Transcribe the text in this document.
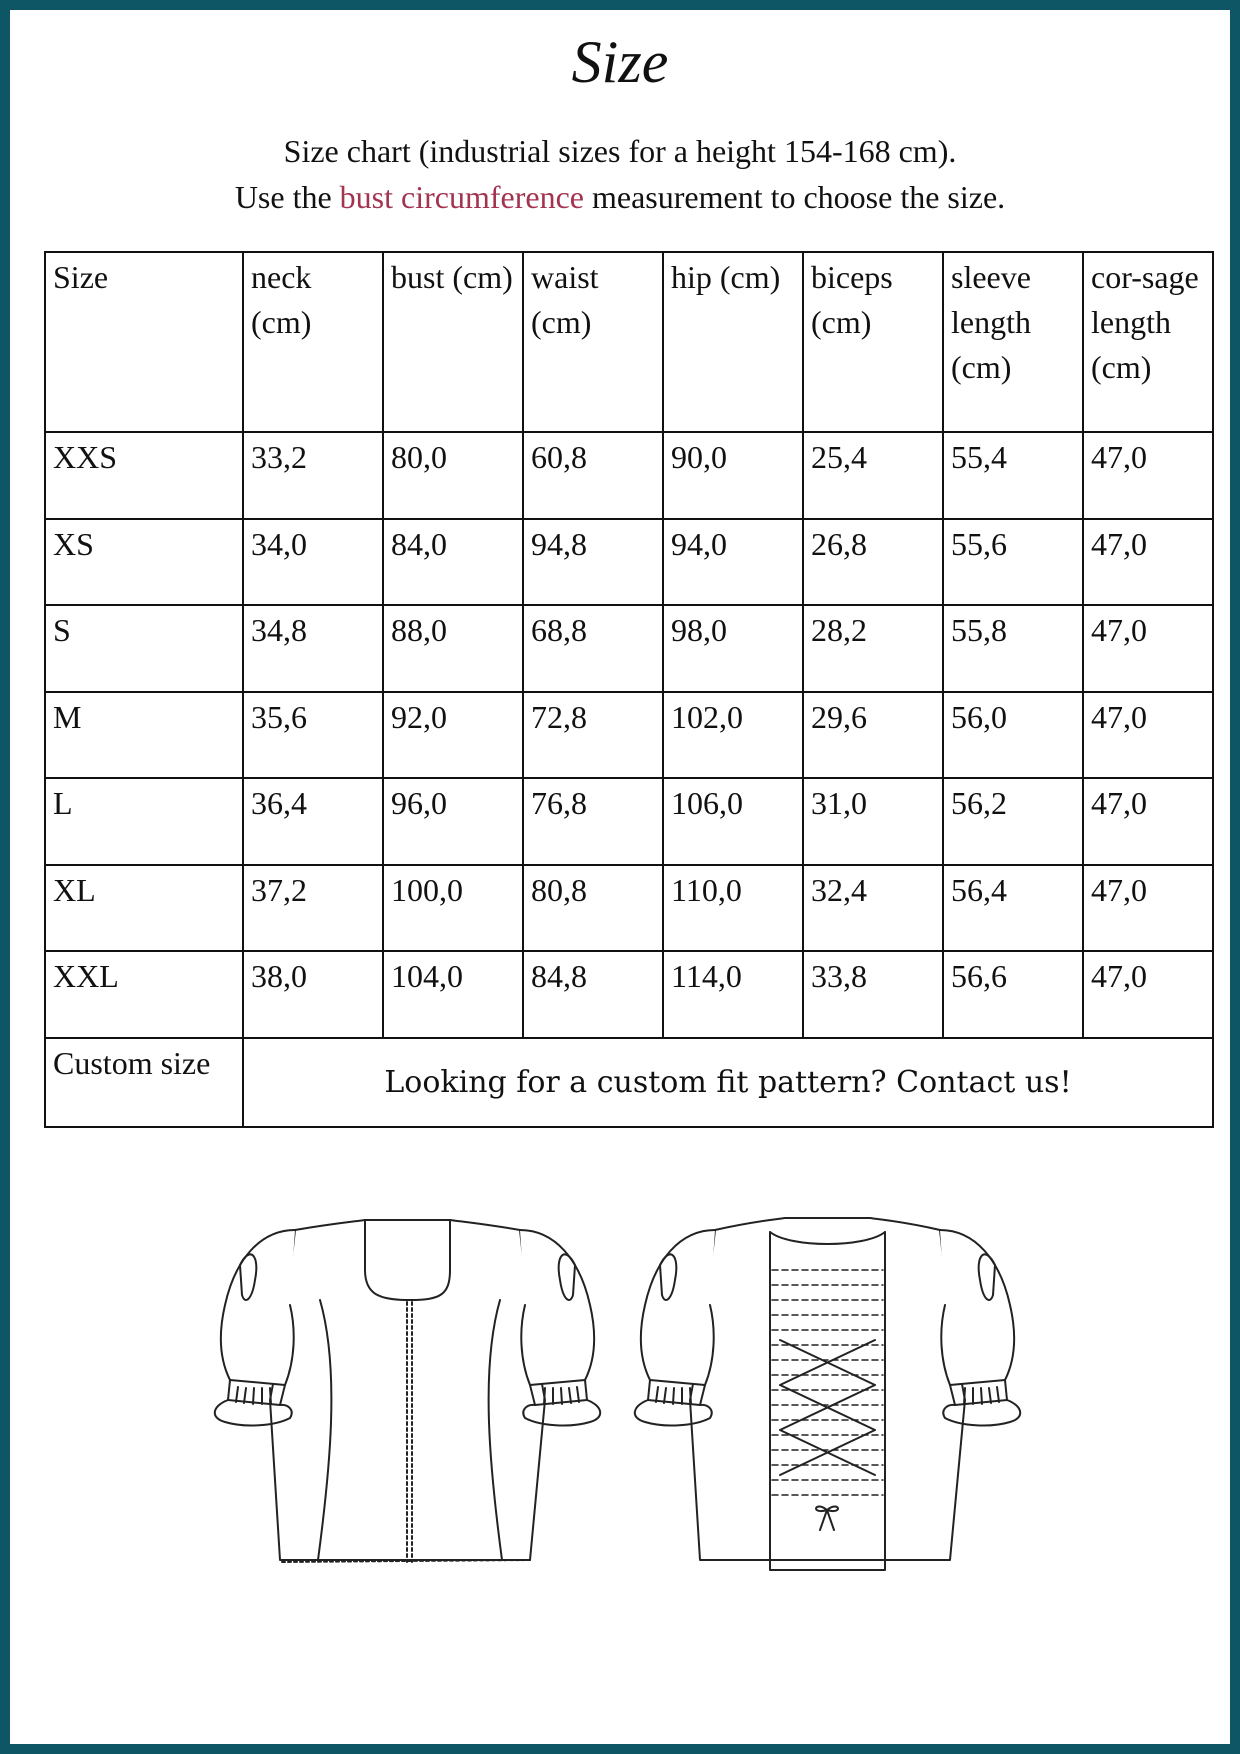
Size
Size chart (industrial sizes for a height 154-168 cm).
Use the bust circumference measurement to choose the size.
Size	neck (cm)	bust (cm)	waist (cm)	hip (cm)	biceps (cm)	sleeve length (cm)	cor-sage length (cm)
XXS	33,2	80,0	60,8	90,0	25,4	55,4	47,0
XS	34,0	84,0	94,8	94,0	26,8	55,6	47,0
S	34,8	88,0	68,8	98,0	28,2	55,8	47,0
M	35,6	92,0	72,8	102,0	29,6	56,0	47,0
L	36,4	96,0	76,8	106,0	31,0	56,2	47,0
XL	37,2	100,0	80,8	110,0	32,4	56,4	47,0
XXL	38,0	104,0	84,8	114,0	33,8	56,6	47,0
Custom size	Looking for a custom fit pattern? Contact us!						
